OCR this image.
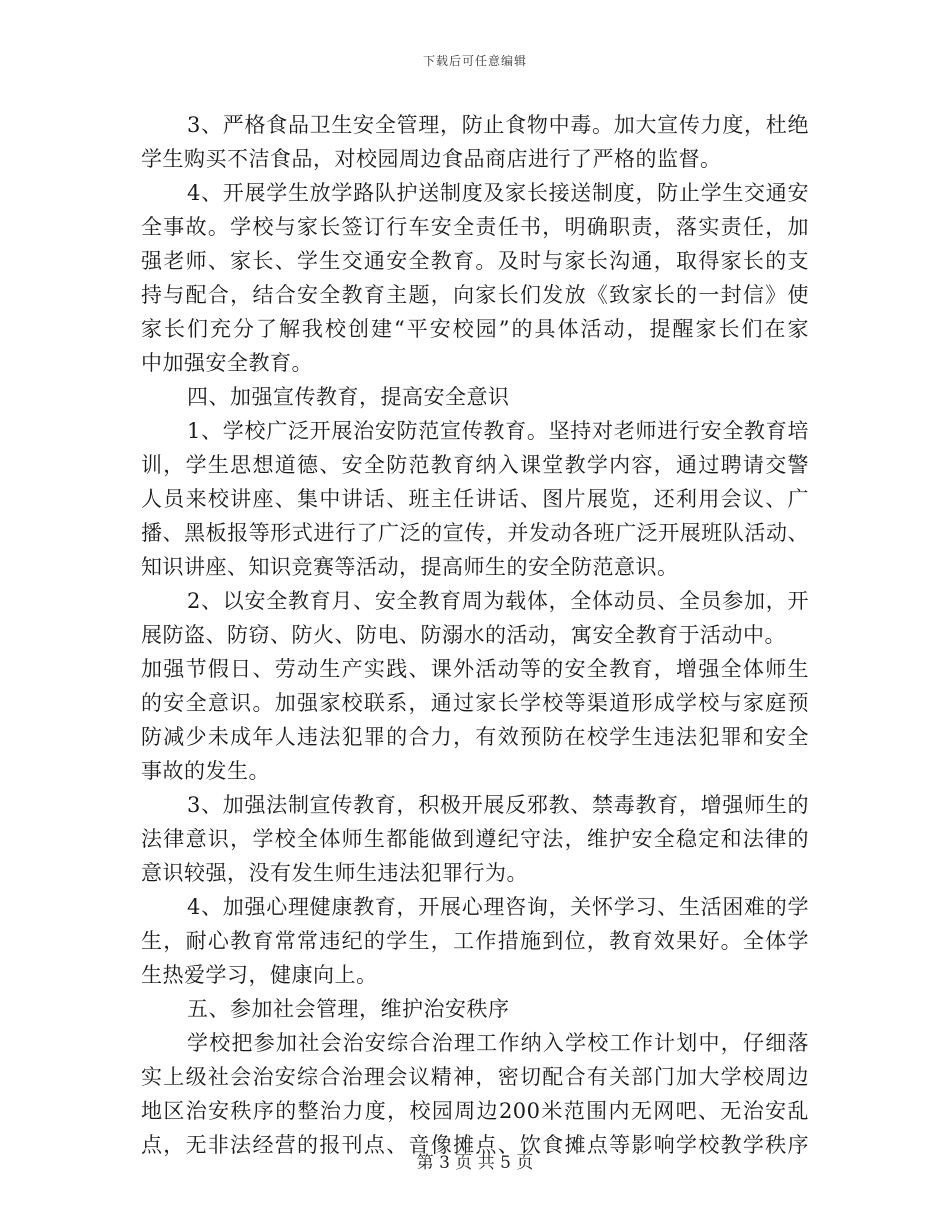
下载后可任意编辑
3、严格食品卫生安全管理，防止食物中毒。加大宣传力度，杜绝
学生购买不洁食品，对校园周边食品商店进行了严格的监督。
4、开展学生放学路队护送制度及家长接送制度，防止学生交通安
全事故。学校与家长签订行车安全责任书，明确职责，落实责任，加
强老师、家长、学生交通安全教育。及时与家长沟通，取得家长的支
持与配合，结合安全教育主题，向家长们发放《致家长的一封信》使
家长们充分了解我校创建“平安校园”的具体活动，提醒家长们在家
中加强安全教育。
四、加强宣传教育，提高安全意识
1、学校广泛开展治安防范宣传教育。坚持对老师进行安全教育培
训，学生思想道德、安全防范教育纳入课堂教学内容，通过聘请交警
人员来校讲座、集中讲话、班主任讲话、图片展览，还利用会议、广
播、黑板报等形式进行了广泛的宣传，并发动各班广泛开展班队活动、
知识讲座、知识竞赛等活动，提高师生的安全防范意识。
2、以安全教育月、安全教育周为载体，全体动员、全员参加，开
展防盗、防窃、防火、防电、防溺水的活动，寓安全教育于活动中。
加强节假日、劳动生产实践、课外活动等的安全教育，增强全体师生
的安全意识。加强家校联系，通过家长学校等渠道形成学校与家庭预
防减少未成年人违法犯罪的合力，有效预防在校学生违法犯罪和安全
事故的发生。
3、加强法制宣传教育，积极开展反邪教、禁毒教育，增强师生的
法律意识，学校全体师生都能做到遵纪守法，维护安全稳定和法律的
意识较强，没有发生师生违法犯罪行为。
4、加强心理健康教育，开展心理咨询，关怀学习、生活困难的学
生，耐心教育常常违纪的学生，工作措施到位，教育效果好。全体学
生热爱学习，健康向上。
五、参加社会管理，维护治安秩序
学校把参加社会治安综合治理工作纳入学校工作计划中，仔细落
实上级社会治安综合治理会议精神，密切配合有关部门加大学校周边
地区治安秩序的整治力度，校园周边200米范围内无网吧、无治安乱
点，无非法经营的报刊点、音像摊点、饮食摊点等影响学校教学秩序
第 3 页 共 5 页
